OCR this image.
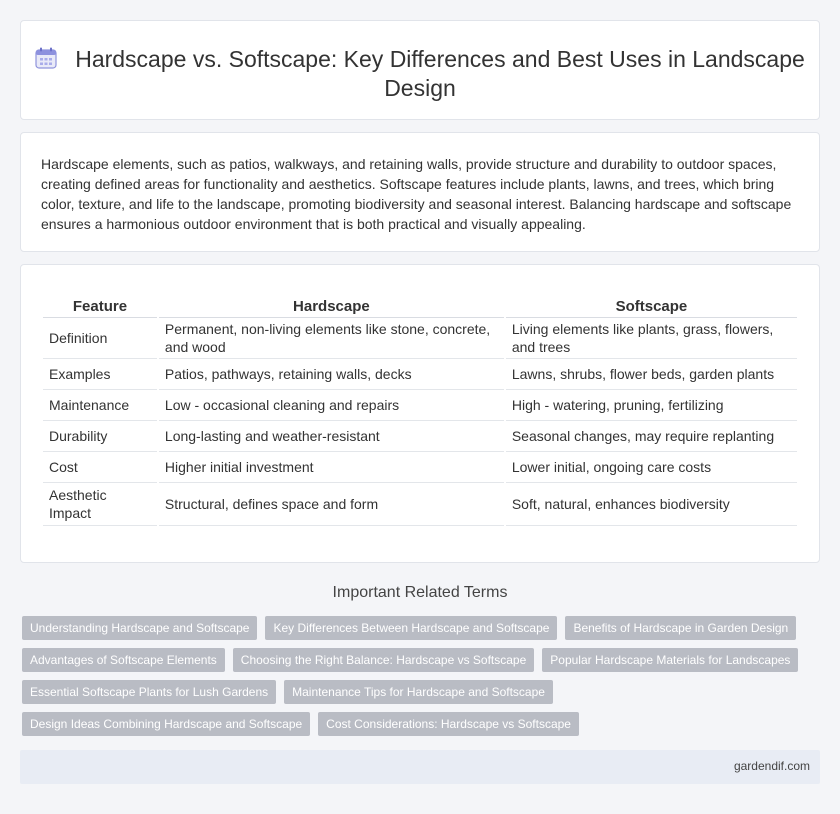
Hardscape vs. Softscape: Key Differences and Best Uses in Landscape Design

Hardscape elements, such as patios, walkways, and retaining walls, provide structure and durability to outdoor spaces, creating defined areas for functionality and aesthetics. Softscape features include plants, lawns, and trees, which bring color, texture, and life to the landscape, promoting biodiversity and seasonal interest. Balancing hardscape and softscape ensures a harmonious outdoor environment that is both practical and visually appealing.

Feature	Hardscape	Softscape
Definition	Permanent, non-living elements like stone, concrete, and wood	Living elements like plants, grass, flowers, and trees
Examples	Patios, pathways, retaining walls, decks	Lawns, shrubs, flower beds, garden plants
Maintenance	Low - occasional cleaning and repairs	High - watering, pruning, fertilizing
Durability	Long-lasting and weather-resistant	Seasonal changes, may require replanting
Cost	Higher initial investment	Lower initial, ongoing care costs
Aesthetic Impact	Structural, defines space and form	Soft, natural, enhances biodiversity
Important Related Terms
Understanding Hardscape and Softscape	Key Differences Between Hardscape and Softscape	Benefits of Hardscape in Garden Design
Advantages of Softscape Elements	Choosing the Right Balance: Hardscape vs Softscape	Popular Hardscape Materials for Landscapes
Essential Softscape Plants for Lush Gardens	Maintenance Tips for Hardscape and Softscape
Design Ideas Combining Hardscape and Softscape	Cost Considerations: Hardscape vs Softscape
gardendif.com
